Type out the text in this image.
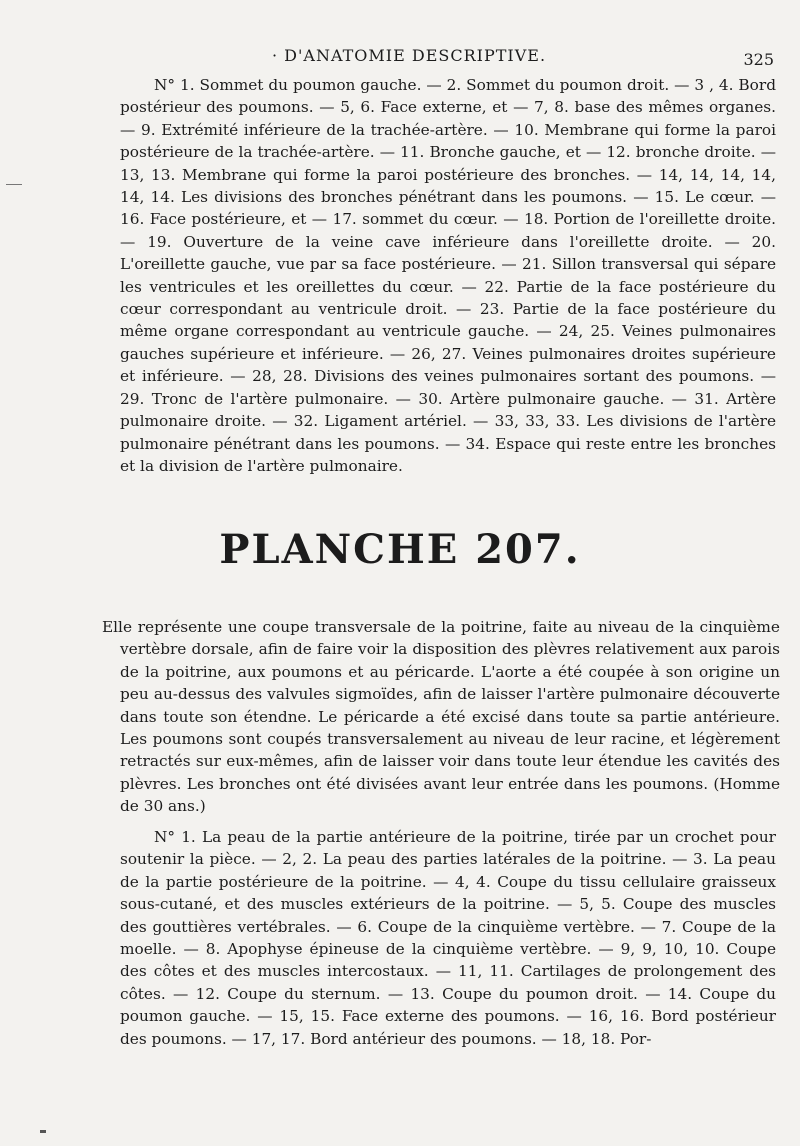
· D'ANATOMIE DESCRIPTIVE.	325

N° 1. Sommet du poumon gauche. — 2. Sommet du poumon droit. — 3 , 4. Bord postérieur des poumons. — 5, 6. Face externe, et — 7, 8. base des mêmes organes. — 9. Extrémité inférieure de la trachée-artère. — 10. Membrane qui forme la paroi postérieure de la trachée-artère. — 11. Bronche gauche, et — 12. bronche droite. — 13, 13. Membrane qui forme la paroi postérieure des bronches. — 14, 14, 14, 14, 14, 14. Les divisions des bronches pénétrant dans les poumons. — 15. Le cœur. — 16. Face postérieure, et — 17. sommet du cœur. — 18. Portion de l'oreillette droite. — 19. Ouverture de la veine cave inférieure dans l'oreillette droite. — 20. L'oreillette gauche, vue par sa face postérieure. — 21. Sillon transversal qui sépare les ventricules et les oreillettes du cœur. — 22. Partie de la face postérieure du cœur correspondant au ventricule droit. — 23. Partie de la face postérieure du même organe correspondant au ventricule gauche. — 24, 25. Veines pulmonaires gauches supérieure et inférieure. — 26, 27. Veines pulmonaires droites supérieure et inférieure. — 28, 28. Divisions des veines pulmonaires sortant des poumons. — 29. Tronc de l'artère pulmonaire. — 30. Artère pulmonaire gauche. — 31. Artère pulmonaire droite. — 32. Ligament artériel. — 33, 33, 33. Les divisions de l'artère pulmonaire pénétrant dans les poumons. — 34. Espace qui reste entre les bronches et la division de l'artère pulmonaire.

PLANCHE 207.

Elle représente une coupe transversale de la poitrine, faite au niveau de la cinquième vertèbre dorsale, afin de faire voir la disposition des plèvres relativement aux parois de la poitrine, aux poumons et au péricarde. L'aorte a été coupée à son origine un peu au-dessus des valvules sigmoïdes, afin de laisser l'artère pulmonaire découverte dans toute son étendne. Le péricarde a été excisé dans toute sa partie antérieure. Les poumons sont coupés transversalement au niveau de leur racine, et légèrement retractés sur eux-mêmes, afin de laisser voir dans toute leur étendue les cavités des plèvres. Les bronches ont été divisées avant leur entrée dans les poumons. (Homme de 30 ans.)

N° 1. La peau de la partie antérieure de la poitrine, tirée par un crochet pour soutenir la pièce. — 2, 2. La peau des parties latérales de la poitrine. — 3. La peau de la partie postérieure de la poitrine. — 4, 4. Coupe du tissu cellulaire graisseux sous-cutané, et des muscles extérieurs de la poitrine. — 5, 5. Coupe des muscles des gouttières vertébrales. — 6. Coupe de la cinquième vertèbre. — 7. Coupe de la moelle. — 8. Apophyse épineuse de la cinquième vertèbre. — 9, 9, 10, 10. Coupe des côtes et des muscles intercostaux. — 11, 11. Cartilages de prolongement des côtes. — 12. Coupe du sternum. — 13. Coupe du poumon droit. — 14. Coupe du poumon gauche. — 15, 15. Face externe des poumons. — 16, 16. Bord postérieur des poumons. — 17, 17. Bord antérieur des poumons. — 18, 18. Por-
